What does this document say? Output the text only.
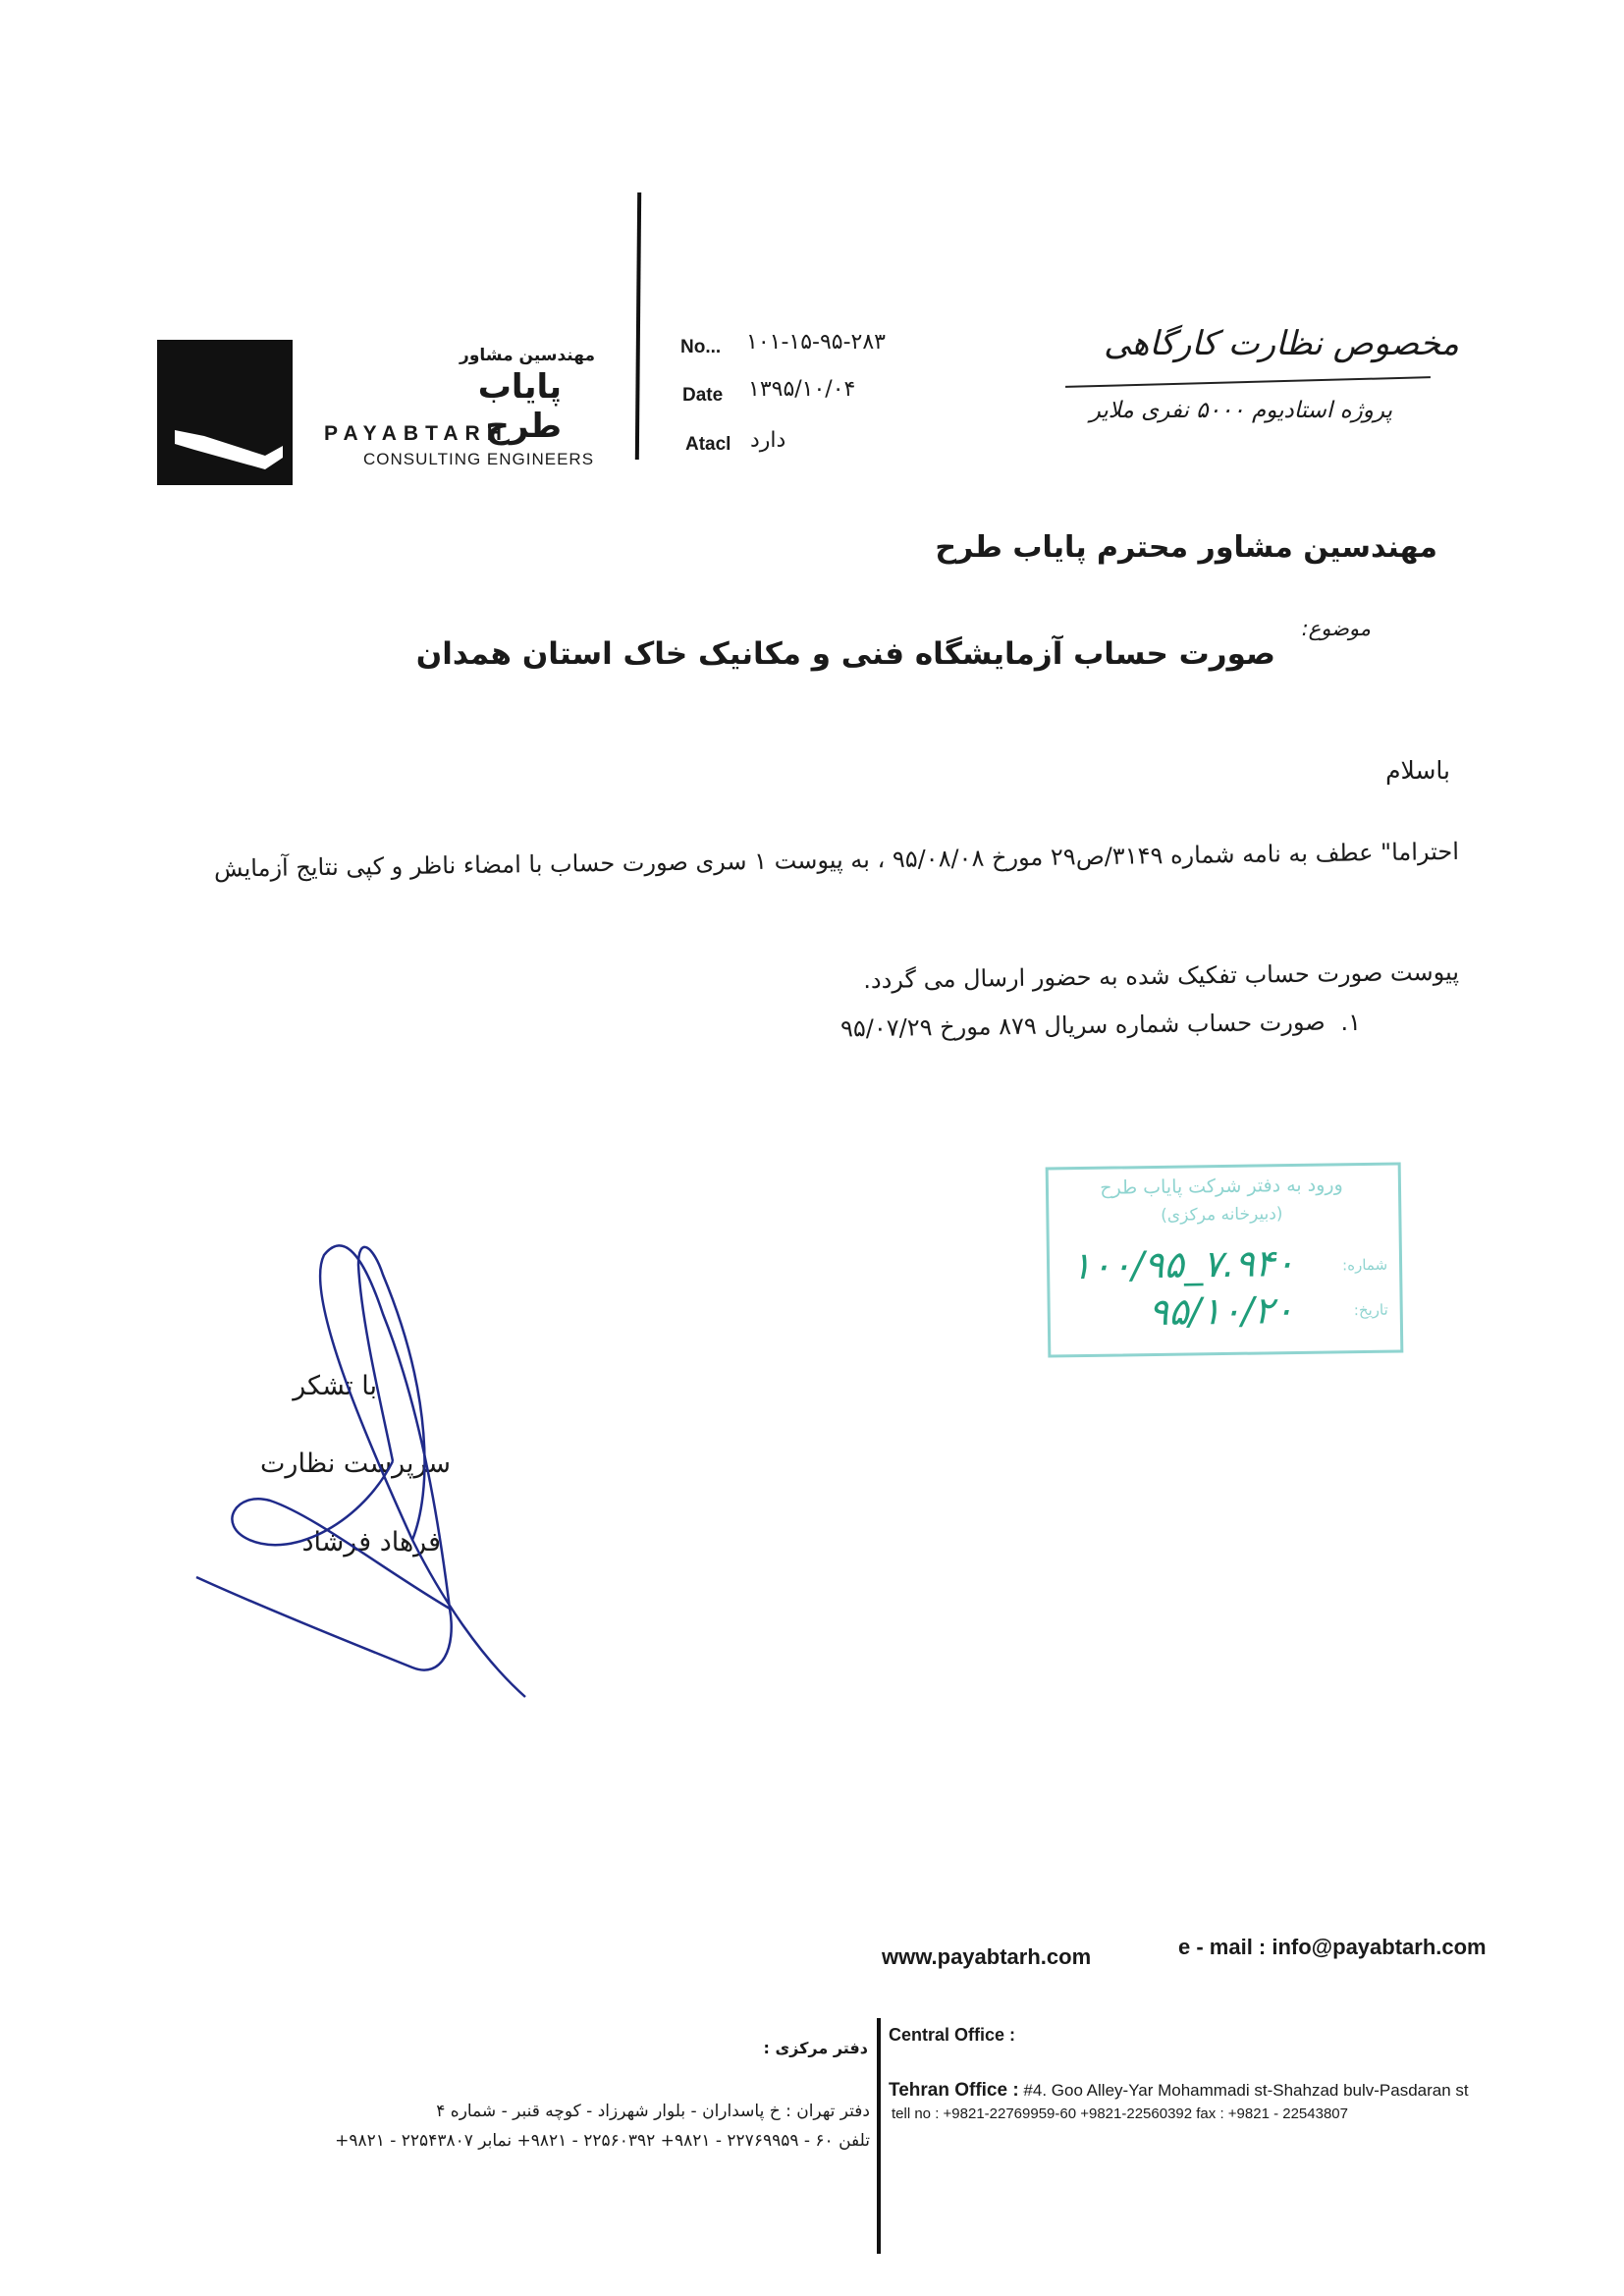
مهندسین مشاور
پایاب طرح
PAYABTARH
CONSULTING ENGINEERS
No... ۱۰۱-۱۵-۹۵-۲۸۳
Date ۱۳۹۵/۱۰/۰۴
Atacl دارد
مخصوص نظارت کارگاهی
پروژه استادیوم ۵۰۰۰ نفری ملایر
مهندسین مشاور محترم پایاب طرح
موضوع:
صورت حساب آزمایشگاه فنی و مکانیک خاک استان همدان
باسلام
احتراما" عطف به نامه شماره ۳۱۴۹/ص۲۹ مورخ ۹۵/۰۸/۰۸ ، به پیوست ۱ سری صورت حساب با امضاء ناظر و کپی نتایج آزمایش
پیوست صورت حساب تفکیک شده به حضور ارسال می گردد.
۱.
صورت حساب شماره سریال ۸۷۹ مورخ ۹۵/۰۷/۲۹
ورود به دفتر شرکت پایاب طرح
(دبیرخانه مرکزی)
شماره:
تاریخ:
۱۰۰/۹۵_۷.۹۴۰
۹۵/۱۰/۲۰
با تشکر
سرپرست نظارت
فرهاد فرشاد
www.payabtarh.com	e - mail : info@payabtarh.com
دفتر مرکزی :
دفتر تهران : خ پاسداران - بلوار شهرزاد - کوچه قنبر - شماره ۴
تلفن ۶۰ - ۲۲۷۶۹۹۵۹ - ۹۸۲۱+ ۲۲۵۶۰۳۹۲ - ۹۸۲۱+ نمابر ۲۲۵۴۳۸۰۷ - ۹۸۲۱+
Central Office :
Tehran Office : #4. Goo Alley-Yar Mohammadi st-Shahzad bulv-Pasdaran st
tell no : +9821-22769959-60 +9821-22560392 fax : +9821 - 22543807
